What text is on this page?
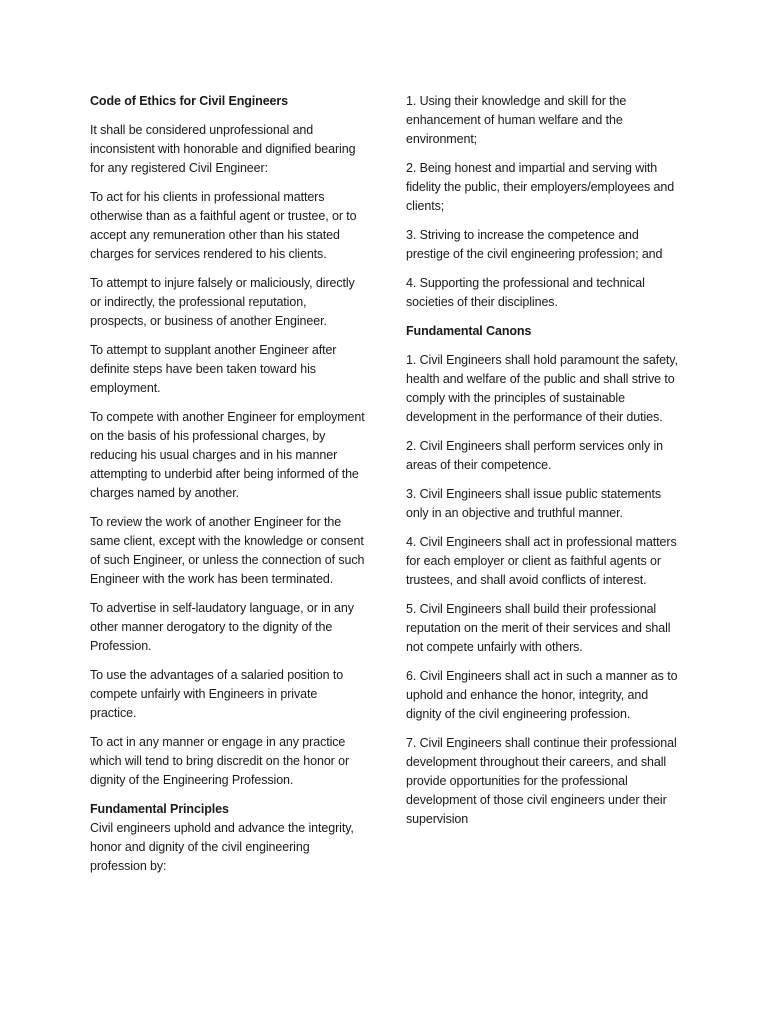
Code of Ethics for Civil Engineers

It shall be considered unprofessional and inconsistent with honorable and dignified bearing for any registered Civil Engineer:

To act for his clients in professional matters otherwise than as a faithful agent or trustee, or to accept any remuneration other than his stated charges for services rendered to his clients.

To attempt to injure falsely or maliciously, directly or indirectly, the professional reputation, prospects, or business of another Engineer.

To attempt to supplant another Engineer after definite steps have been taken toward his employment.

To compete with another Engineer for employment on the basis of his professional charges, by reducing his usual charges and in his manner attempting to underbid after being informed of the charges named by another.

To review the work of another Engineer for the same client, except with the knowledge or consent of such Engineer, or unless the connection of such Engineer with the work has been terminated.

To advertise in self-laudatory language, or in any other manner derogatory to the dignity of the Profession.

To use the advantages of a salaried position to compete unfairly with Engineers in private practice.

To act in any manner or engage in any practice which will tend to bring discredit on the honor or dignity of the Engineering Profession.

Fundamental Principles

Civil engineers uphold and advance the integrity, honor and dignity of the civil engineering profession by:

1. Using their knowledge and skill for the enhancement of human welfare and the environment;

2. Being honest and impartial and serving with fidelity the public, their employers/employees and clients;

3. Striving to increase the competence and prestige of the civil engineering profession; and

4. Supporting the professional and technical societies of their disciplines.

Fundamental Canons

1. Civil Engineers shall hold paramount the safety, health and welfare of the public and shall strive to comply with the principles of sustainable development in the performance of their duties.

2. Civil Engineers shall perform services only in areas of their competence.

3. Civil Engineers shall issue public statements only in an objective and truthful manner.

4. Civil Engineers shall act in professional matters for each employer or client as faithful agents or trustees, and shall avoid conflicts of interest.

5. Civil Engineers shall build their professional reputation on the merit of their services and shall not compete unfairly with others.

6. Civil Engineers shall act in such a manner as to uphold and enhance the honor, integrity, and dignity of the civil engineering profession.

7. Civil Engineers shall continue their professional development throughout their careers, and shall provide opportunities for the professional development of those civil engineers under their supervision
